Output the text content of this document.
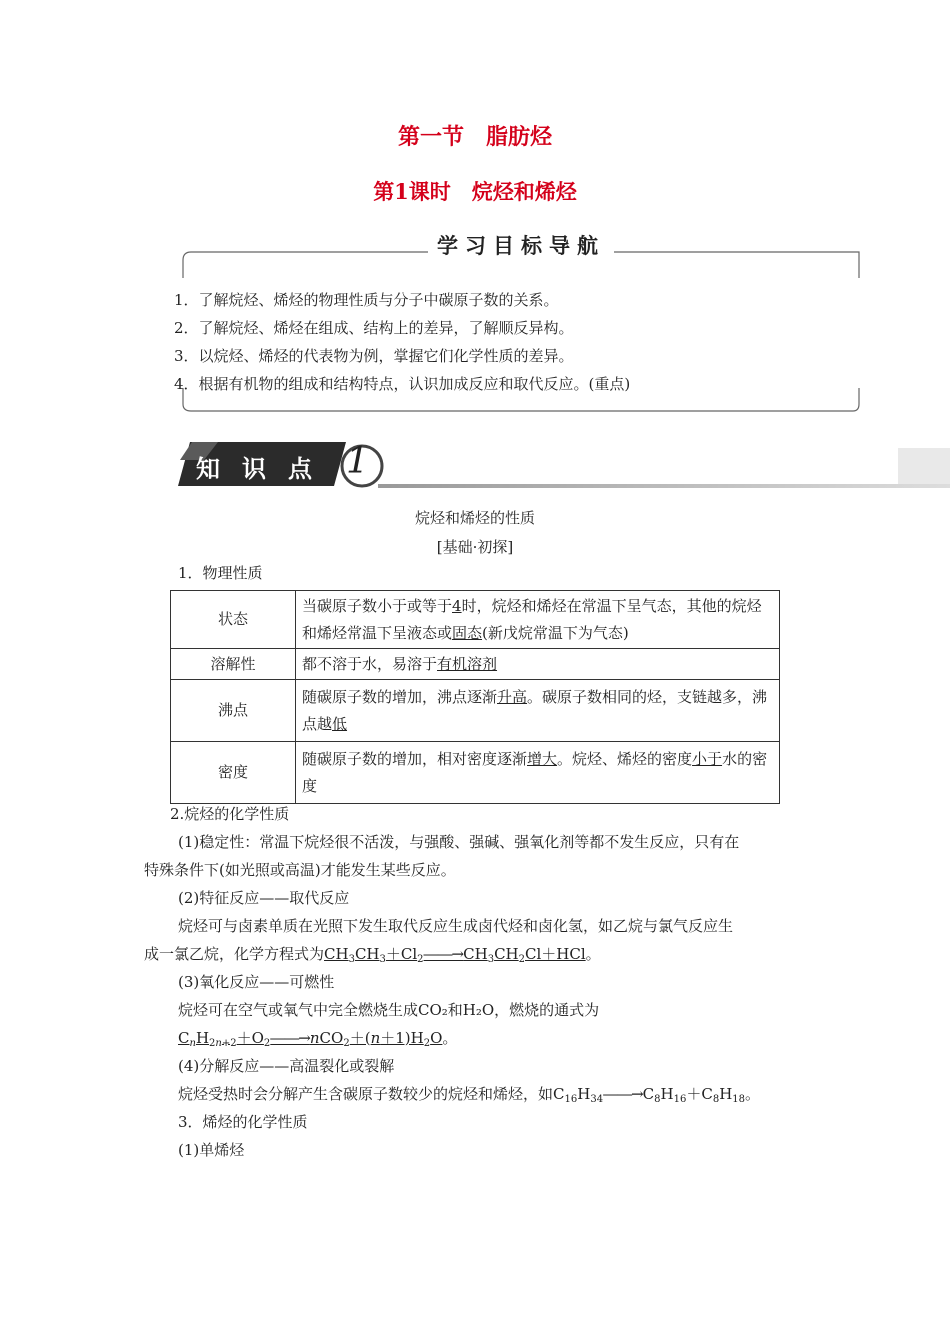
第一节　脂肪烃
第1课时　烷烃和烯烃
学习目标导航
1．了解烷烃、烯烃的物理性质与分子中碳原子数的关系。
2．了解烷烃、烯烃在组成、结构上的差异，了解顺反异构。
3．以烷烃、烯烃的代表物为例，掌握它们化学性质的差异。
4．根据有机物的组成和结构特点，认识加成反应和取代反应。(重点)
知识点 1
烷烃和烯烃的性质
[基础·初探]
1．物理性质
状态	当碳原子数小于或等于4时，烷烃和烯烃在常温下呈气态，其他的烷烃和烯烃常温下呈液态或固态(新戊烷常温下为气态)
溶解性	都不溶于水，易溶于有机溶剂
沸点	随碳原子数的增加，沸点逐渐升高。碳原子数相同的烃，支链越多，沸点越低
密度	随碳原子数的增加，相对密度逐渐增大。烷烃、烯烃的密度小于水的密度
2.烷烃的化学性质
(1)稳定性：常温下烷烃很不活泼，与强酸、强碱、强氧化剂等都不发生反应，只有在
特殊条件下(如光照或高温)才能发生某些反应。
(2)特征反应——取代反应
烷烃可与卤素单质在光照下发生取代反应生成卤代烃和卤化氢，如乙烷与氯气反应生
成一氯乙烷，化学方程式为$CH_3CH_3+Cl_2――\to CH_3CH_2Cl+HCl$。
(3)氧化反应——可燃性
烷烃可在空气或氧气中完全燃烧生成CO₂和H₂O，燃烧的通式为
$C_nH_{2n+2}+O_2――\to nCO_2+(n+1)H_2O$。
(4)分解反应——高温裂化或裂解
烷烃受热时会分解产生含碳原子数较少的烷烃和烯烃，如$C_{16}H_{34}――\to C_8H_{16}+C_8H_{18}$。
3．烯烃的化学性质
(1)单烯烃
